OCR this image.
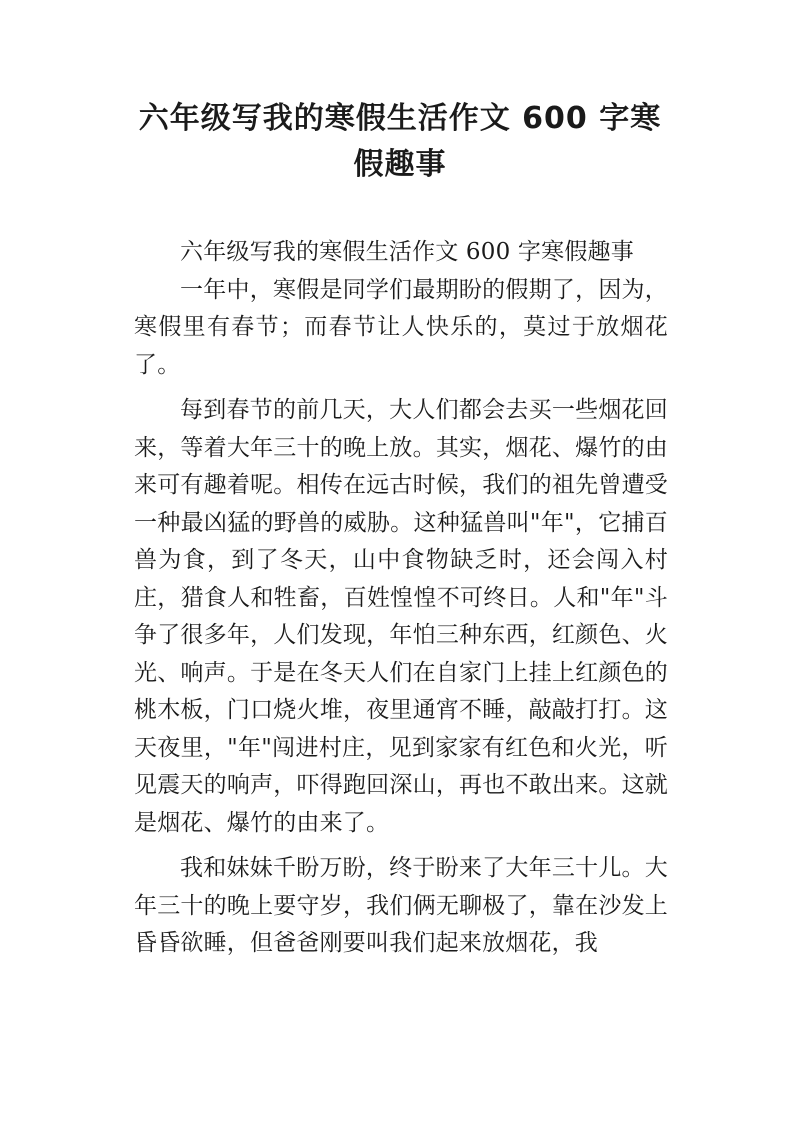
六年级写我的寒假生活作文 600 字寒
假趣事

六年级写我的寒假生活作文 600 字寒假趣事

一年中，寒假是同学们最期盼的假期了，因为，寒假里有春节；而春节让人快乐的，莫过于放烟花了。

每到春节的前几天，大人们都会去买一些烟花回来，等着大年三十的晚上放。其实，烟花、爆竹的由来可有趣着呢。相传在远古时候，我们的祖先曾遭受一种最凶猛的野兽的威胁。这种猛兽叫"年"，它捕百兽为食，到了冬天，山中食物缺乏时，还会闯入村庄，猎食人和牲畜，百姓惶惶不可终日。人和"年"斗争了很多年，人们发现，年怕三种东西，红颜色、火光、响声。于是在冬天人们在自家门上挂上红颜色的桃木板，门口烧火堆，夜里通宵不睡，敲敲打打。这天夜里，"年"闯进村庄，见到家家有红色和火光，听见震天的响声，吓得跑回深山，再也不敢出来。这就是烟花、爆竹的由来了。

我和妹妹千盼万盼，终于盼来了大年三十儿。大年三十的晚上要守岁，我们俩无聊极了，靠在沙发上昏昏欲睡，但爸爸刚要叫我们起来放烟花，我
